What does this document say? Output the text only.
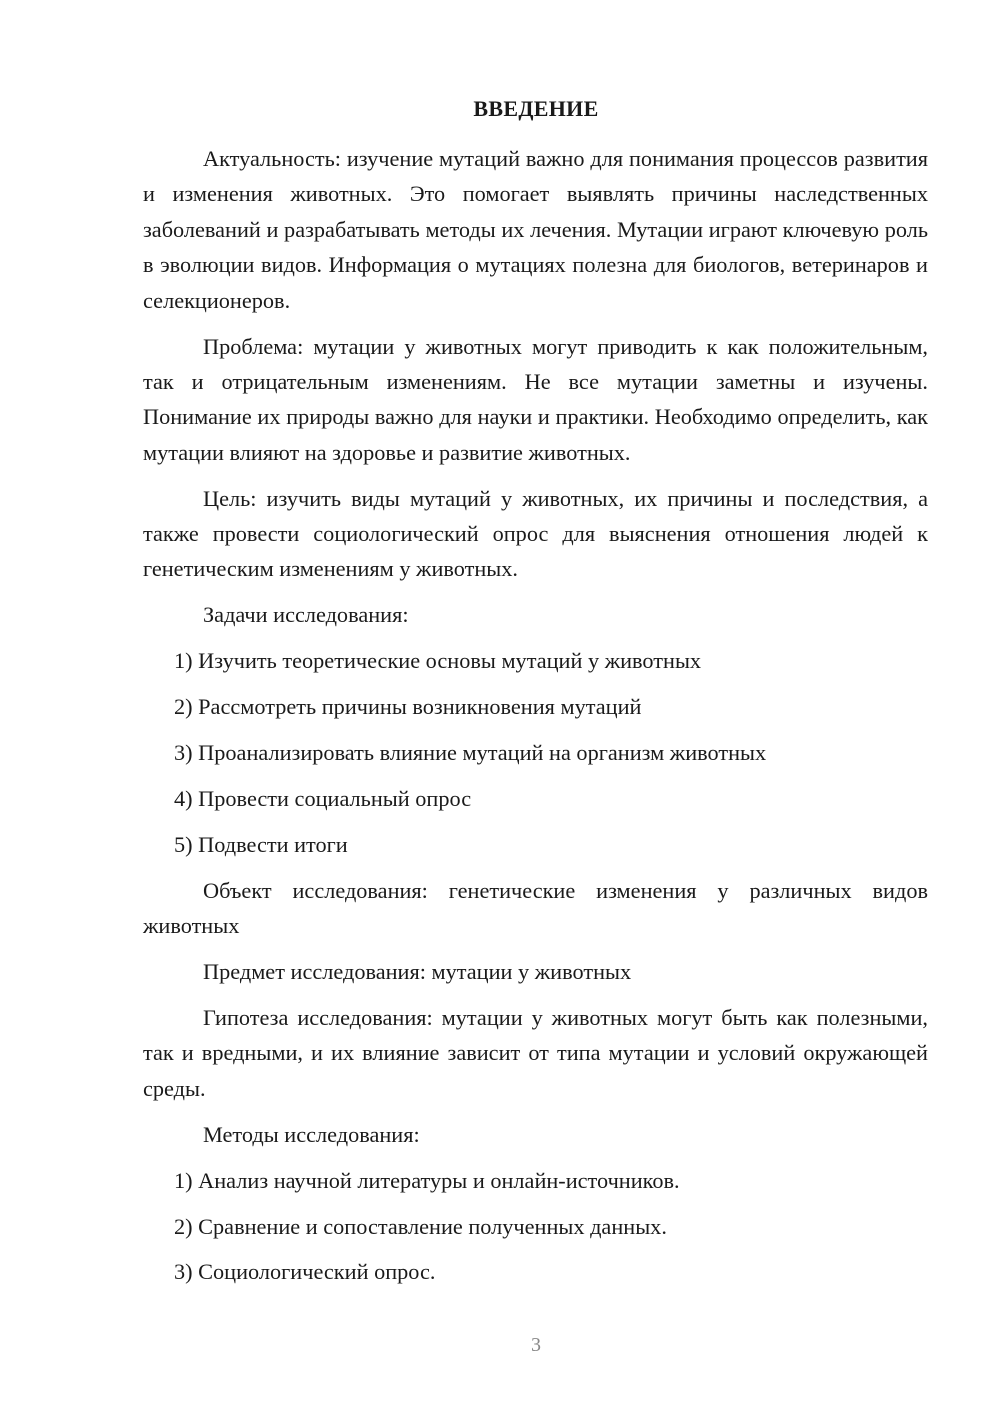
ВВЕДЕНИЕ

Актуальность: изучение мутаций важно для понимания процессов развития и изменения животных. Это помогает выявлять причины наследственных заболеваний и разрабатывать методы их лечения. Мутации играют ключевую роль в эволюции видов. Информация о мутациях полезна для биологов, ветеринаров и селекционеров.

Проблема: мутации у животных могут приводить к как положительным, так и отрицательным изменениям. Не все мутации заметны и изучены. Понимание их природы важно для науки и практики. Необходимо определить, как мутации влияют на здоровье и развитие животных.

Цель: изучить виды мутаций у животных, их причины и последствия, а также провести социологический опрос для выяснения отношения людей к генетическим изменениям у животных.

Задачи исследования:

1) Изучить теоретические основы мутаций у животных
2) Рассмотреть причины возникновения мутаций
3) Проанализировать влияние мутаций на организм животных
4) Провести социальный опрос
5) Подвести итоги

Объект исследования: генетические изменения у различных видов животных

Предмет исследования: мутации у животных

Гипотеза исследования: мутации у животных могут быть как полезными, так и вредными, и их влияние зависит от типа мутации и условий окружающей среды.

Методы исследования:

1) Анализ научной литературы и онлайн-источников.
2) Сравнение и сопоставление полученных данных.
3) Социологический опрос.
3
